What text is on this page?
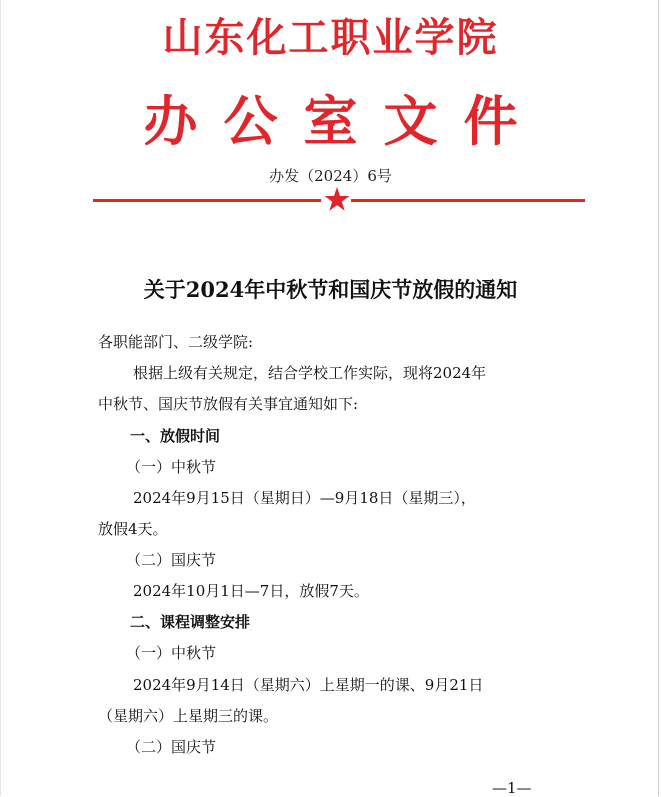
山东化工职业学院
办公室文件
办发（2024）6号
关于2024年中秋节和国庆节放假的通知
各职能部门、二级学院:
根据上级有关规定，结合学校工作实际，现将2024年
中秋节、国庆节放假有关事宜通知如下:
一、放假时间
（一）中秋节
2024年9月15日（星期日）—9月18日（星期三），
放假4天。
（二）国庆节
2024年10月1日—7日，放假7天。
二、课程调整安排
（一）中秋节
2024年9月14日（星期六）上星期一的课、9月21日
（星期六）上星期三的课。
（二）国庆节
—1—
